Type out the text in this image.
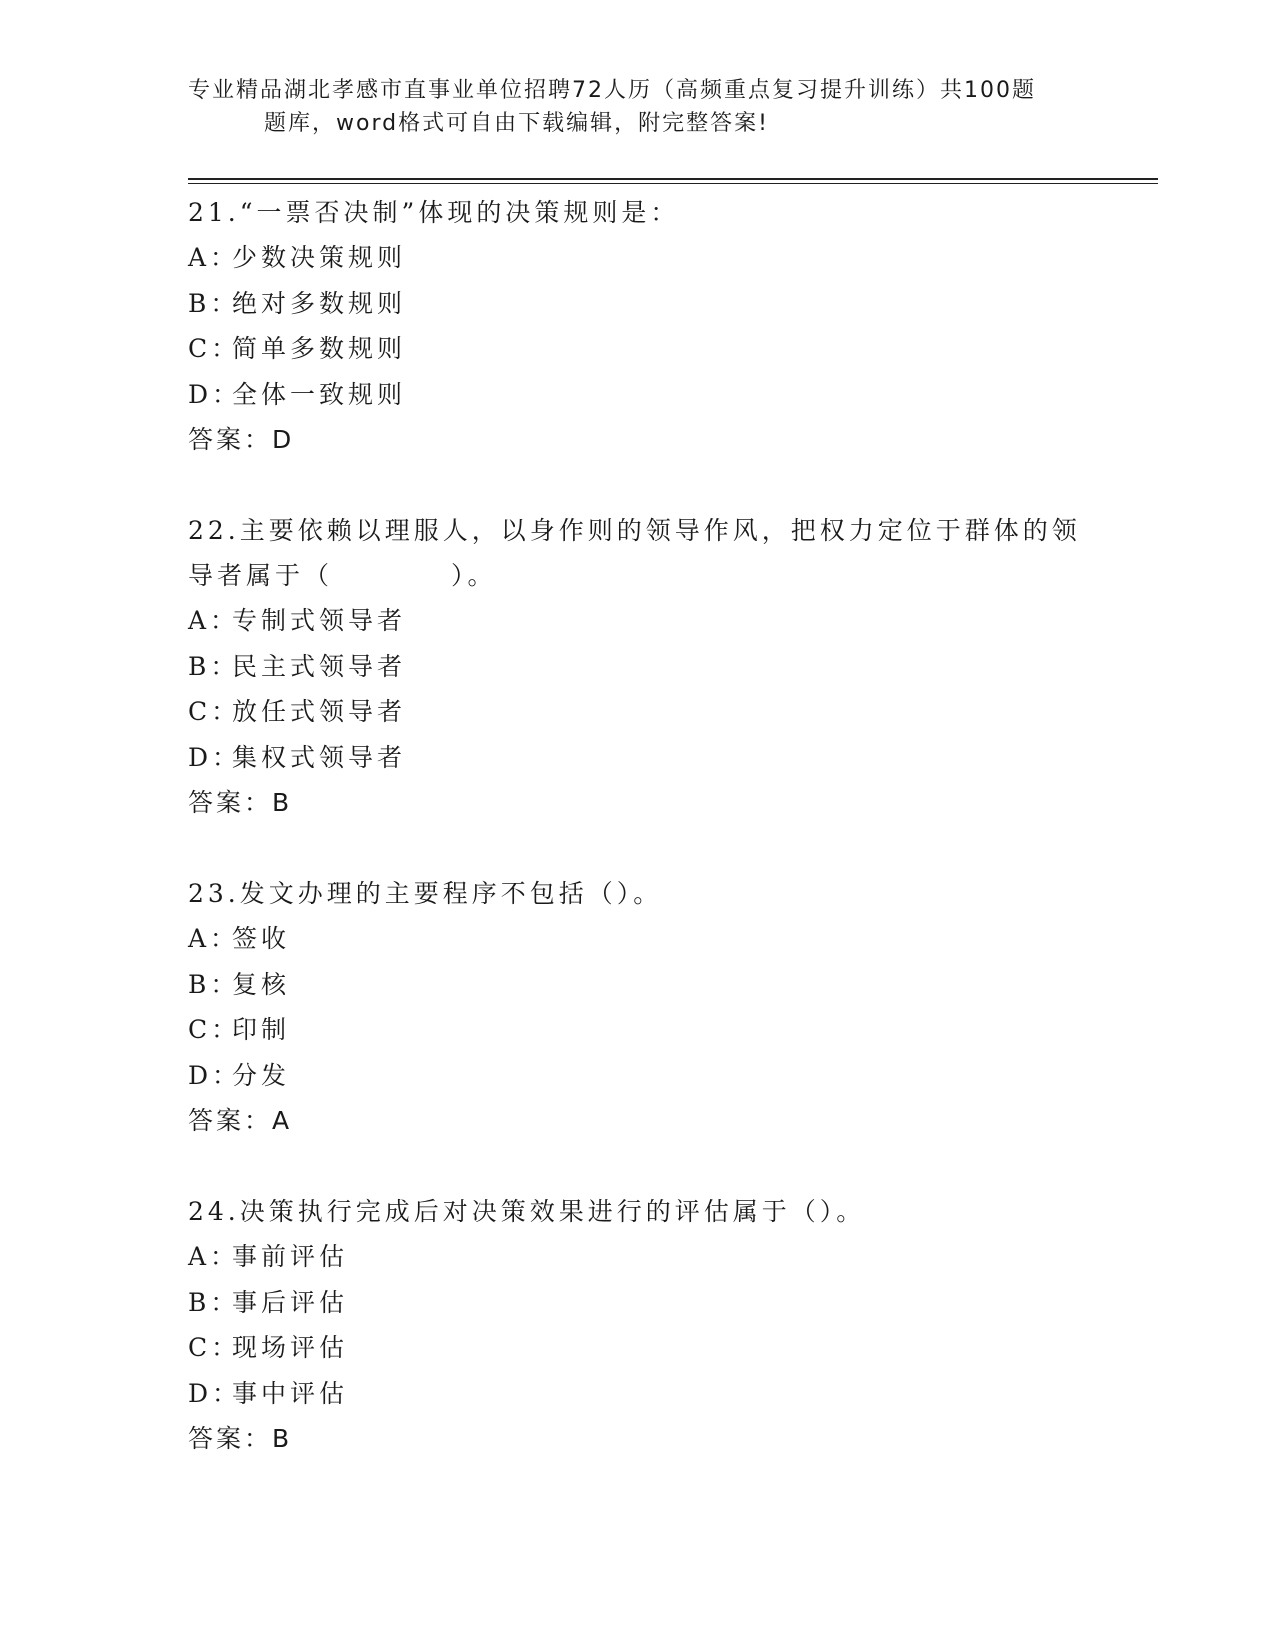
专业精品湖北孝感市直事业单位招聘72人历（高频重点复习提升训练）共100题
题库，word格式可自由下载编辑，附完整答案!
21.“一票否决制”体现的决策规则是：
A：少数决策规则
B：绝对多数规则
C：简单多数规则
D：全体一致规则
答案：D
22.主要依赖以理服人，以身作则的领导作风，把权力定位于群体的领
导者属于（	）。
A：专制式领导者
B：民主式领导者
C：放任式领导者
D：集权式领导者
答案：B
23.发文办理的主要程序不包括（）。
A：签收
B：复核
C：印制
D：分发
答案：A
24.决策执行完成后对决策效果进行的评估属于（）。
A：事前评估
B：事后评估
C：现场评估
D：事中评估
答案：B
